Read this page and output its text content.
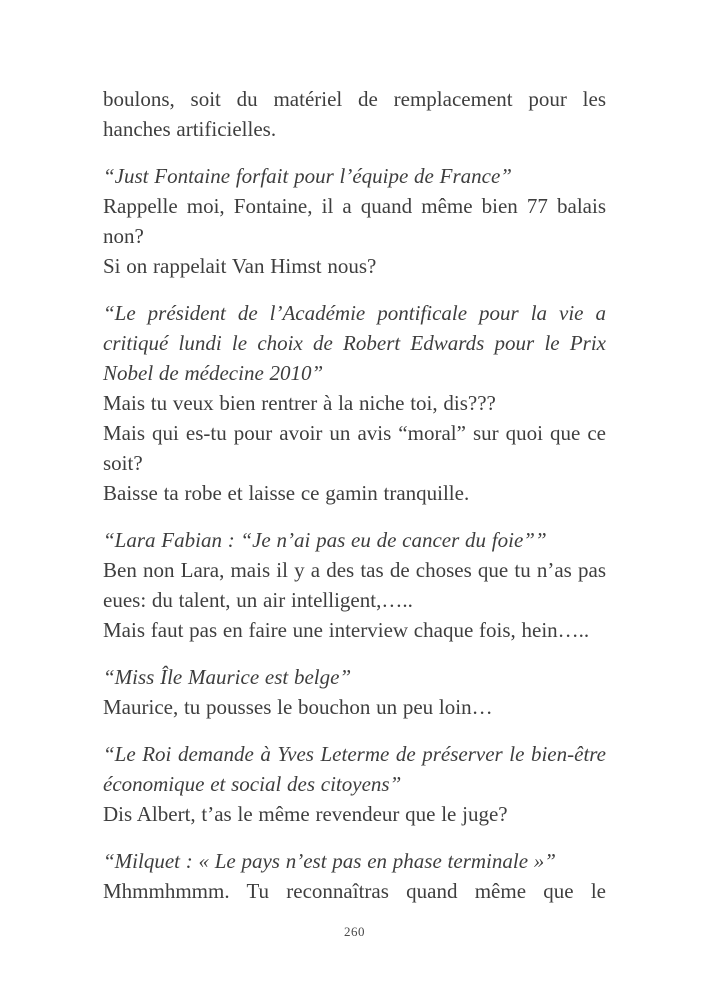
boulons, soit du matériel de remplacement pour les hanches artificielles.

“Just Fontaine forfait pour l’équipe de France”

Rappelle moi, Fontaine, il a quand même bien 77 balais non?

Si on rappelait Van Himst nous?

“Le président de l’Académie pontificale pour la vie a critiqué lundi le choix de Robert Edwards pour le Prix Nobel de médecine 2010”

Mais tu veux bien rentrer à la niche toi, dis???

Mais qui es-tu pour avoir un avis “moral” sur quoi que ce soit?

Baisse ta robe et laisse ce gamin tranquille.

“Lara Fabian : “Je n’ai pas eu de cancer du foie””

Ben non Lara, mais il y a des tas de choses que tu n’as pas eues: du talent, un air intelligent,…..

Mais faut pas en faire une interview chaque fois, hein…..

“Miss Île Maurice est belge”

Maurice, tu pousses le bouchon un peu loin…

“Le Roi demande à Yves Leterme de préserver le bien-être économique et social des citoyens”

Dis Albert, t’as le même revendeur que le juge?

“Milquet : « Le pays n’est pas en phase terminale »”

Mhmmhmmm. Tu reconnaîtras quand même que le

260
